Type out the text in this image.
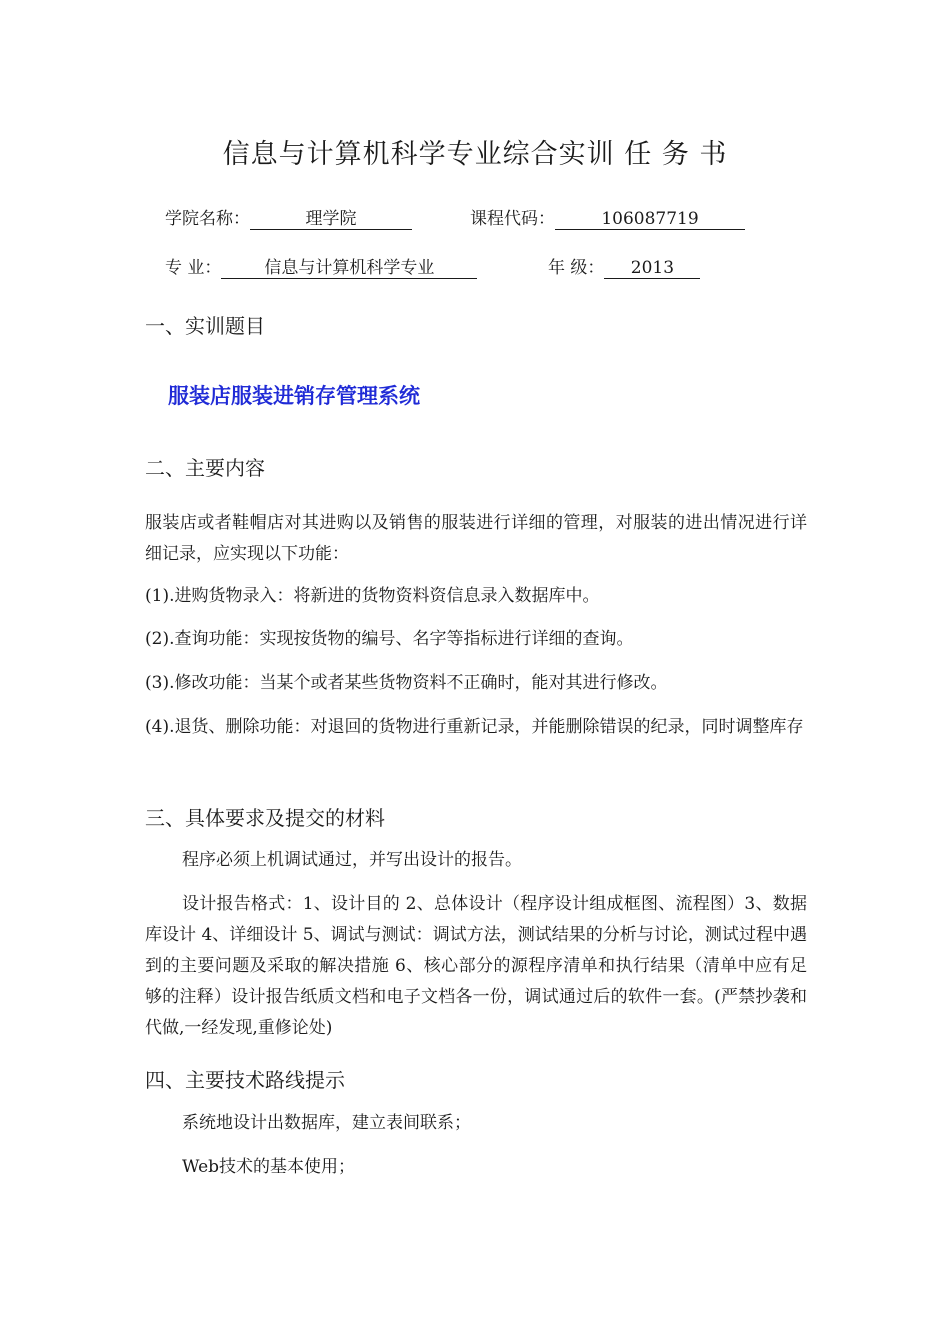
信息与计算机科学专业综合实训 任 务 书
学院名称：	理学院	课程代码：	106087719
专 业：	信息与计算机科学专业	年 级： 2013
一、实训题目
服装店服装进销存管理系统
二、主要内容
服装店或者鞋帽店对其进购以及销售的服装进行详细的管理，对服装的进出情况进行详细记录，应实现以下功能：
(1).进购货物录入：将新进的货物资料资信息录入数据库中。
(2).查询功能：实现按货物的编号、名字等指标进行详细的查询。
(3).修改功能：当某个或者某些货物资料不正确时，能对其进行修改。
(4).退货、删除功能：对退回的货物进行重新记录，并能删除错误的纪录，同时调整库存
三、具体要求及提交的材料
程序必须上机调试通过，并写出设计的报告。
设计报告格式：1、设计目的 2、总体设计（程序设计组成框图、流程图）3、数据库设计 4、详细设计 5、调试与测试：调试方法，测试结果的分析与讨论，测试过程中遇到的主要问题及采取的解决措施 6、核心部分的源程序清单和执行结果（清单中应有足够的注释）设计报告纸质文档和电子文档各一份，调试通过后的软件一套。(严禁抄袭和代做,一经发现,重修论处)
四、主要技术路线提示
系统地设计出数据库，建立表间联系；
Web技术的基本使用；
